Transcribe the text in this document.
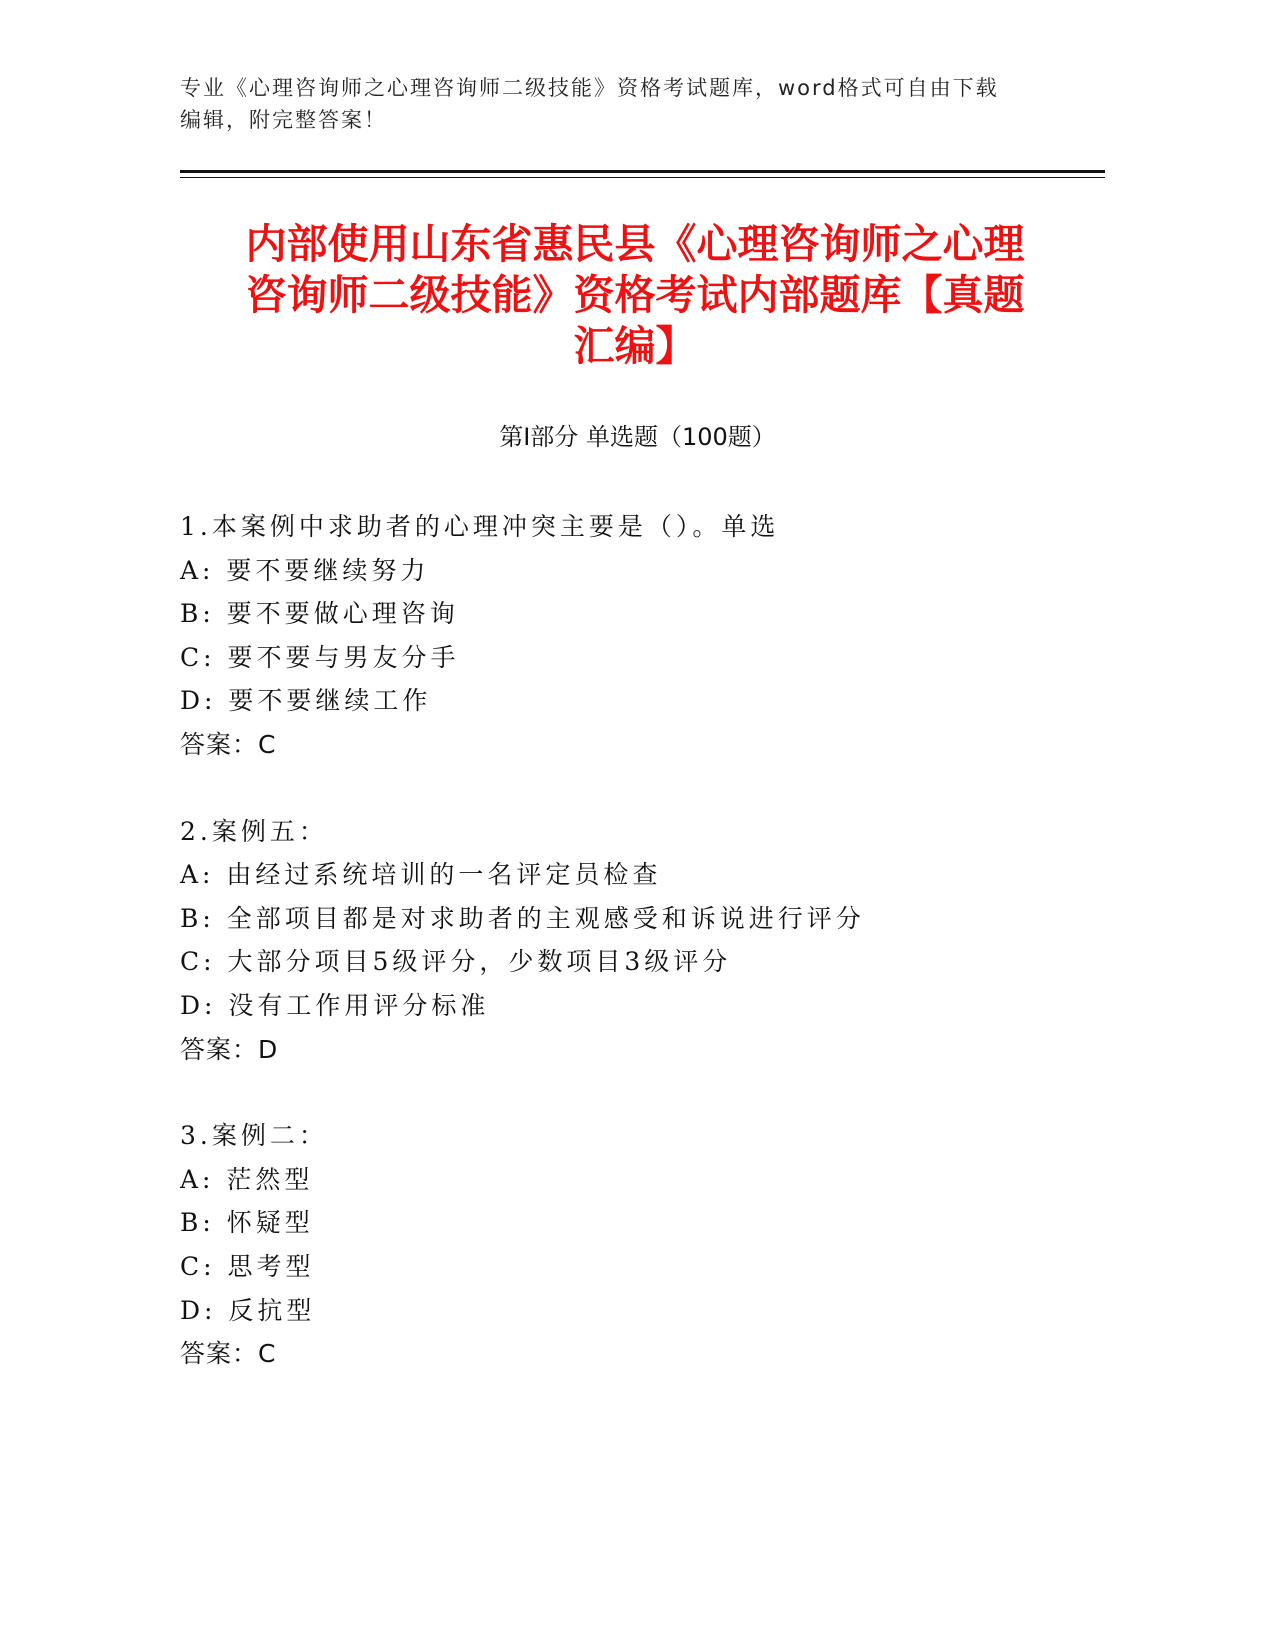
专业《心理咨询师之心理咨询师二级技能》资格考试题库，word格式可自由下载
编辑，附完整答案！
内部使用山东省惠民县《心理咨询师之心理
咨询师二级技能》资格考试内部题库【真题
汇编】
第Ⅰ部分 单选题（100题）
1.本案例中求助者的心理冲突主要是（）。单选
A: 要不要继续努力
B: 要不要做心理咨询
C: 要不要与男友分手
D: 要不要继续工作
答案：C
2.案例五：
A: 由经过系统培训的一名评定员检查
B: 全部项目都是对求助者的主观感受和诉说进行评分
C: 大部分项目5级评分，少数项目3级评分
D: 没有工作用评分标准
答案：D
3.案例二：
A: 茫然型
B: 怀疑型
C: 思考型
D: 反抗型
答案：C
